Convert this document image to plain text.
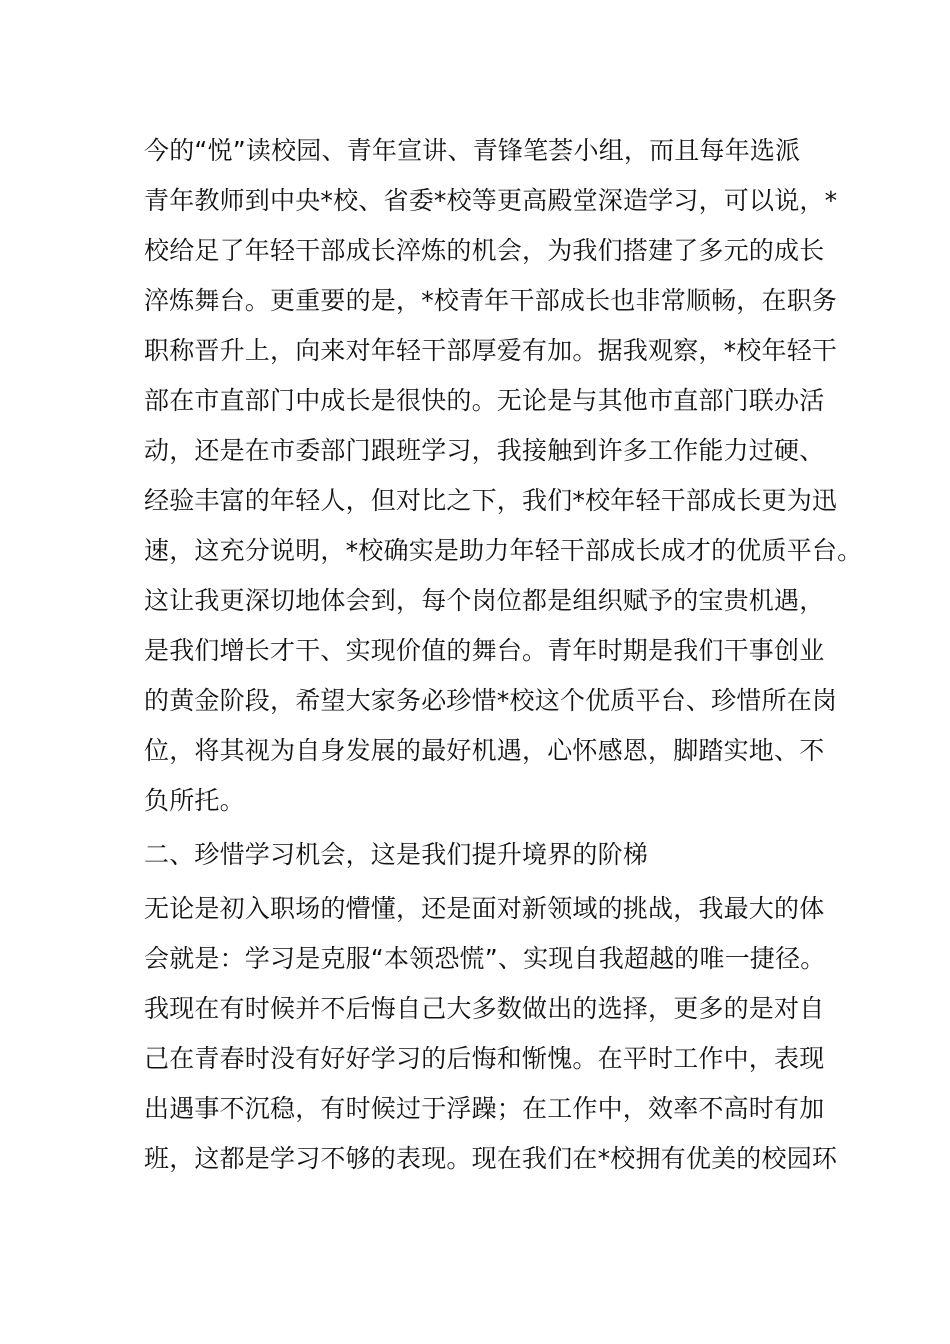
今的“悦”读校园、青年宣讲、青锋笔荟小组，而且每年选派
青年教师到中央*校、省委*校等更高殿堂深造学习，可以说，*
校给足了年轻干部成长淬炼的机会，为我们搭建了多元的成长
淬炼舞台。更重要的是，*校青年干部成长也非常顺畅，在职务
职称晋升上，向来对年轻干部厚爱有加。据我观察，*校年轻干
部在市直部门中成长是很快的。无论是与其他市直部门联办活
动，还是在市委部门跟班学习，我接触到许多工作能力过硬、
经验丰富的年轻人，但对比之下，我们*校年轻干部成长更为迅
速，这充分说明，*校确实是助力年轻干部成长成才的优质平台。
这让我更深切地体会到，每个岗位都是组织赋予的宝贵机遇，
是我们增长才干、实现价值的舞台。青年时期是我们干事创业
的黄金阶段，希望大家务必珍惜*校这个优质平台、珍惜所在岗
位，将其视为自身发展的最好机遇，心怀感恩，脚踏实地、不
负所托。
二、珍惜学习机会，这是我们提升境界的阶梯
无论是初入职场的懵懂，还是面对新领域的挑战，我最大的体
会就是：学习是克服“本领恐慌”、实现自我超越的唯一捷径。
我现在有时候并不后悔自己大多数做出的选择，更多的是对自
己在青春时没有好好学习的后悔和惭愧。在平时工作中，表现
出遇事不沉稳，有时候过于浮躁；在工作中，效率不高时有加
班，这都是学习不够的表现。现在我们在*校拥有优美的校园环
